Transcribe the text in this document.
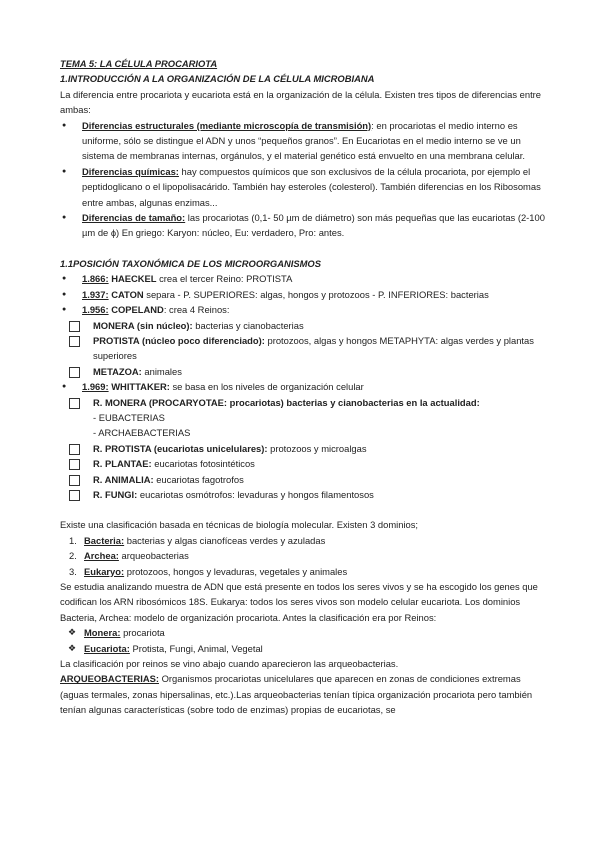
TEMA 5: LA CÉLULA PROCARIOTA

1.INTRODUCCIÓN A LA ORGANIZACIÓN DE LA CÉLULA MICROBIANA

La diferencia entre procariota y eucariota está en la organización de la célula. Existen tres tipos de diferencias entre ambas:

● Diferencias estructurales (mediante microscopía de transmisión): en procariotas el medio interno es uniforme, sólo se distingue el ADN y unos “pequeños granos”. En Eucariotas en el medio interno se ve un sistema de membranas internas, orgánulos, y el material genético está envuelto en una membrana celular.
● Diferencias químicas: hay compuestos químicos que son exclusivos de la célula procariota, por ejemplo el peptidoglicano o el lipopolisacárido. También hay esteroles (colesterol). También diferencias en los Ribosomas entre ambas, algunas enzimas...
● Diferencias de tamaño: las procariotas (0,1- 50 µm de diámetro) son más pequeñas que las eucariotas (2-100 µm de ɸ) En griego: Karyon: núcleo, Eu: verdadero, Pro: antes.

1.1POSICIÓN TAXONÓMICA DE LOS MICROORGANISMOS

● 1.866: HAECKEL crea el tercer Reino: PROTISTA
● 1.937: CATON separa - P. SUPERIORES: algas, hongos y protozoos - P. INFERIORES: bacterias
● 1.956: COPELAND: crea 4 Reinos:
MONERA (sin núcleo): bacterias y cianobacterias
PROTISTA (núcleo poco diferenciado): protozoos, algas y hongos METAPHYTA: algas verdes y plantas superiores
METAZOA: animales
● 1.969: WHITTAKER: se basa en los niveles de organización celular
R. MONERA (PROCARYOTAE: procariotas) bacterias y cianobacterias en la actualidad:
- EUBACTERIAS
- ARCHAEBACTERIAS
R. PROTISTA (eucariotas unicelulares): protozoos y microalgas
R. PLANTAE: eucariotas fotosintéticos
R. ANIMALIA: eucariotas fagotrofos
R. FUNGI: eucariotas osmótrofos: levaduras y hongos filamentosos

Existe una clasificación basada en técnicas de biología molecular. Existen 3 dominios;

1. Bacteria: bacterias y algas cianofíceas verdes y azuladas
2. Archea: arqueobacterias
3. Eukaryo: protozoos, hongos y levaduras, vegetales y animales

Se estudia analizando muestra de ADN que está presente en todos los seres vivos y se ha escogido los genes que codifican los ARN ribosómicos 18S. Eukarya: todos los seres vivos son modelo celular eucariota. Los dominios Bacteria, Archea: modelo de organización procariota. Antes la clasificación era por Reinos:

❖ Monera: procariota
❖ Eucariota: Protista, Fungi, Animal, Vegetal

La clasificación por reinos se vino abajo cuando aparecieron las arqueobacterias.

ARQUEOBACTERIAS: Organismos procariotas unicelulares que aparecen en zonas de condiciones extremas (aguas termales, zonas hipersalinas, etc.).Las arqueobacterias tenían típica organización procariota pero también tenían algunas características (sobre todo de enzimas) propias de eucariotas, se
